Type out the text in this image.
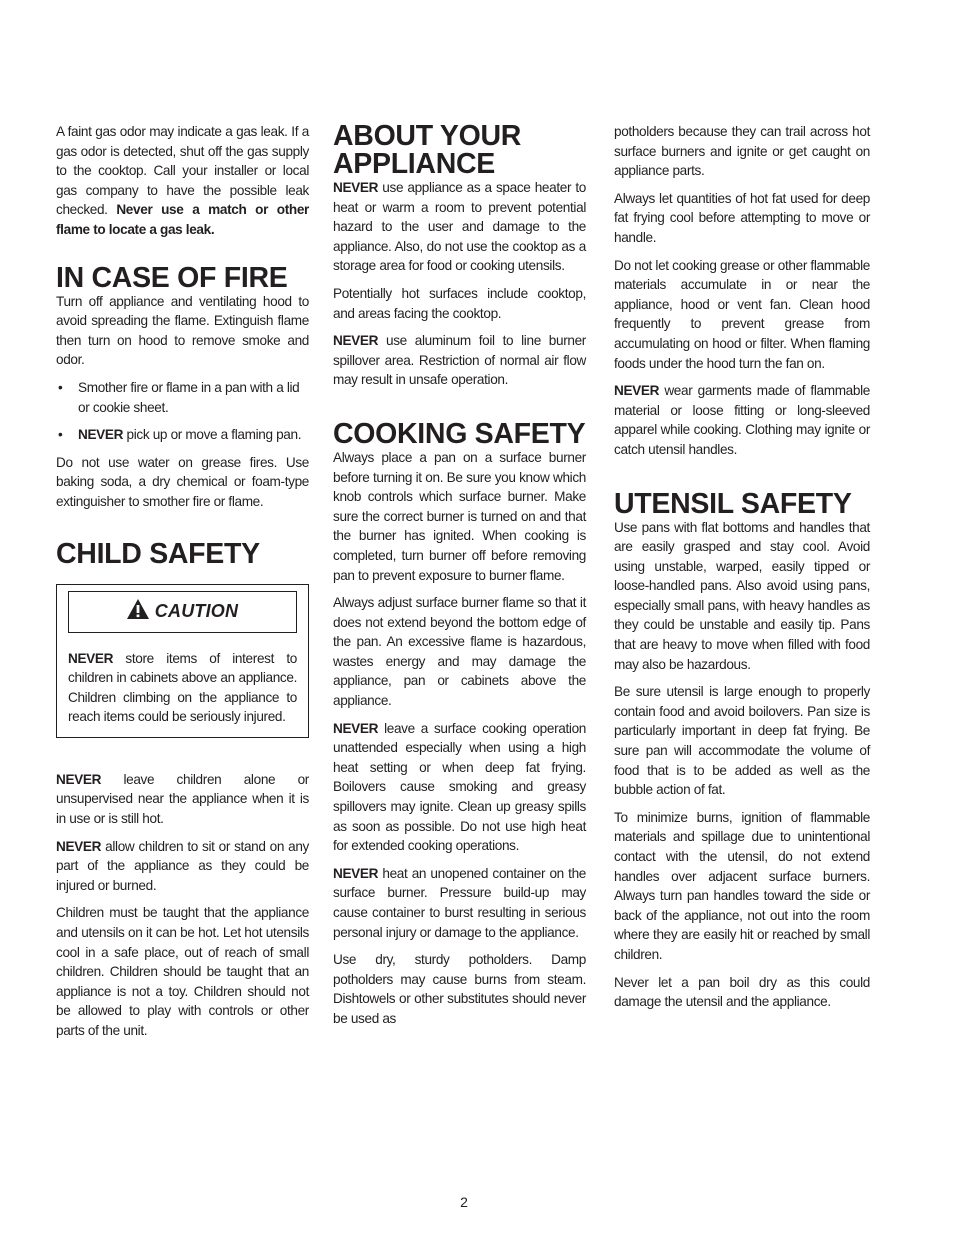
A faint gas odor may indicate a gas leak. If a gas odor is detected, shut off the gas supply to the cooktop. Call your installer or local gas company to have the possible leak checked. Never use a match or other flame to locate a gas leak.

IN CASE OF FIRE

Turn off appliance and ventilating hood to avoid spreading the flame. Extinguish flame then turn on hood to remove smoke and odor.

• Smother fire or flame in a pan with a lid or cookie sheet.
• NEVER pick up or move a flaming pan.

Do not use water on grease fires. Use baking soda, a dry chemical or foam-type extinguisher to smother fire or flame.

CHILD SAFETY
CAUTION

NEVER store items of interest to children in cabinets above an appliance. Children climbing on the appliance to reach items could be seriously injured.

NEVER leave children alone or unsupervised near the appliance when it is in use or is still hot.

NEVER allow children to sit or stand on any part of the appliance as they could be injured or burned.

Children must be taught that the appliance and utensils on it can be hot. Let hot utensils cool in a safe place, out of reach of small children. Children should be taught that an appliance is not a toy. Children should not be allowed to play with controls or other parts of the unit.

ABOUT YOUR
APPLIANCE

NEVER use appliance as a space heater to heat or warm a room to prevent potential hazard to the user and damage to the appliance. Also, do not use the cooktop as a storage area for food or cooking utensils.

Potentially hot surfaces include cooktop, and areas facing the cooktop.

NEVER use aluminum foil to line burner spillover area. Restriction of normal air flow may result in unsafe operation.

COOKING SAFETY

Always place a pan on a surface burner before turning it on. Be sure you know which knob controls which surface burner. Make sure the correct burner is turned on and that the burner has ignited. When cooking is completed, turn burner off before removing pan to prevent exposure to burner flame.

Always adjust surface burner flame so that it does not extend beyond the bottom edge of the pan. An excessive flame is hazardous, wastes energy and may damage the appliance, pan or cabinets above the appliance.

NEVER leave a surface cooking operation unattended especially when using a high heat setting or when deep fat frying. Boilovers cause smoking and greasy spillovers may ignite. Clean up greasy spills as soon as possible. Do not use high heat for extended cooking operations.

NEVER heat an unopened container on the surface burner. Pressure build-up may cause container to burst resulting in serious personal injury or damage to the appliance.

Use dry, sturdy potholders. Damp potholders may cause burns from steam. Dishtowels or other substitutes should never be used as

potholders because they can trail across hot surface burners and ignite or get caught on appliance parts.

Always let quantities of hot fat used for deep fat frying cool before attempting to move or handle.

Do not let cooking grease or other flammable materials accumulate in or near the appliance, hood or vent fan. Clean hood frequently to prevent grease from accumulating on hood or filter. When flaming foods under the hood turn the fan on.

NEVER wear garments made of flammable material or loose fitting or long-sleeved apparel while cooking. Clothing may ignite or catch utensil handles.

UTENSIL SAFETY

Use pans with flat bottoms and handles that are easily grasped and stay cool. Avoid using unstable, warped, easily tipped or loose-handled pans. Also avoid using pans, especially small pans, with heavy handles as they could be unstable and easily tip. Pans that are heavy to move when filled with food may also be hazardous.

Be sure utensil is large enough to properly contain food and avoid boilovers. Pan size is particularly important in deep fat frying. Be sure pan will accommodate the volume of food that is to be added as well as the bubble action of fat.

To minimize burns, ignition of flammable materials and spillage due to unintentional contact with the utensil, do not extend handles over adjacent surface burners. Always turn pan handles toward the side or back of the appliance, not out into the room where they are easily hit or reached by small children.

Never let a pan boil dry as this could damage the utensil and the appliance.

2
